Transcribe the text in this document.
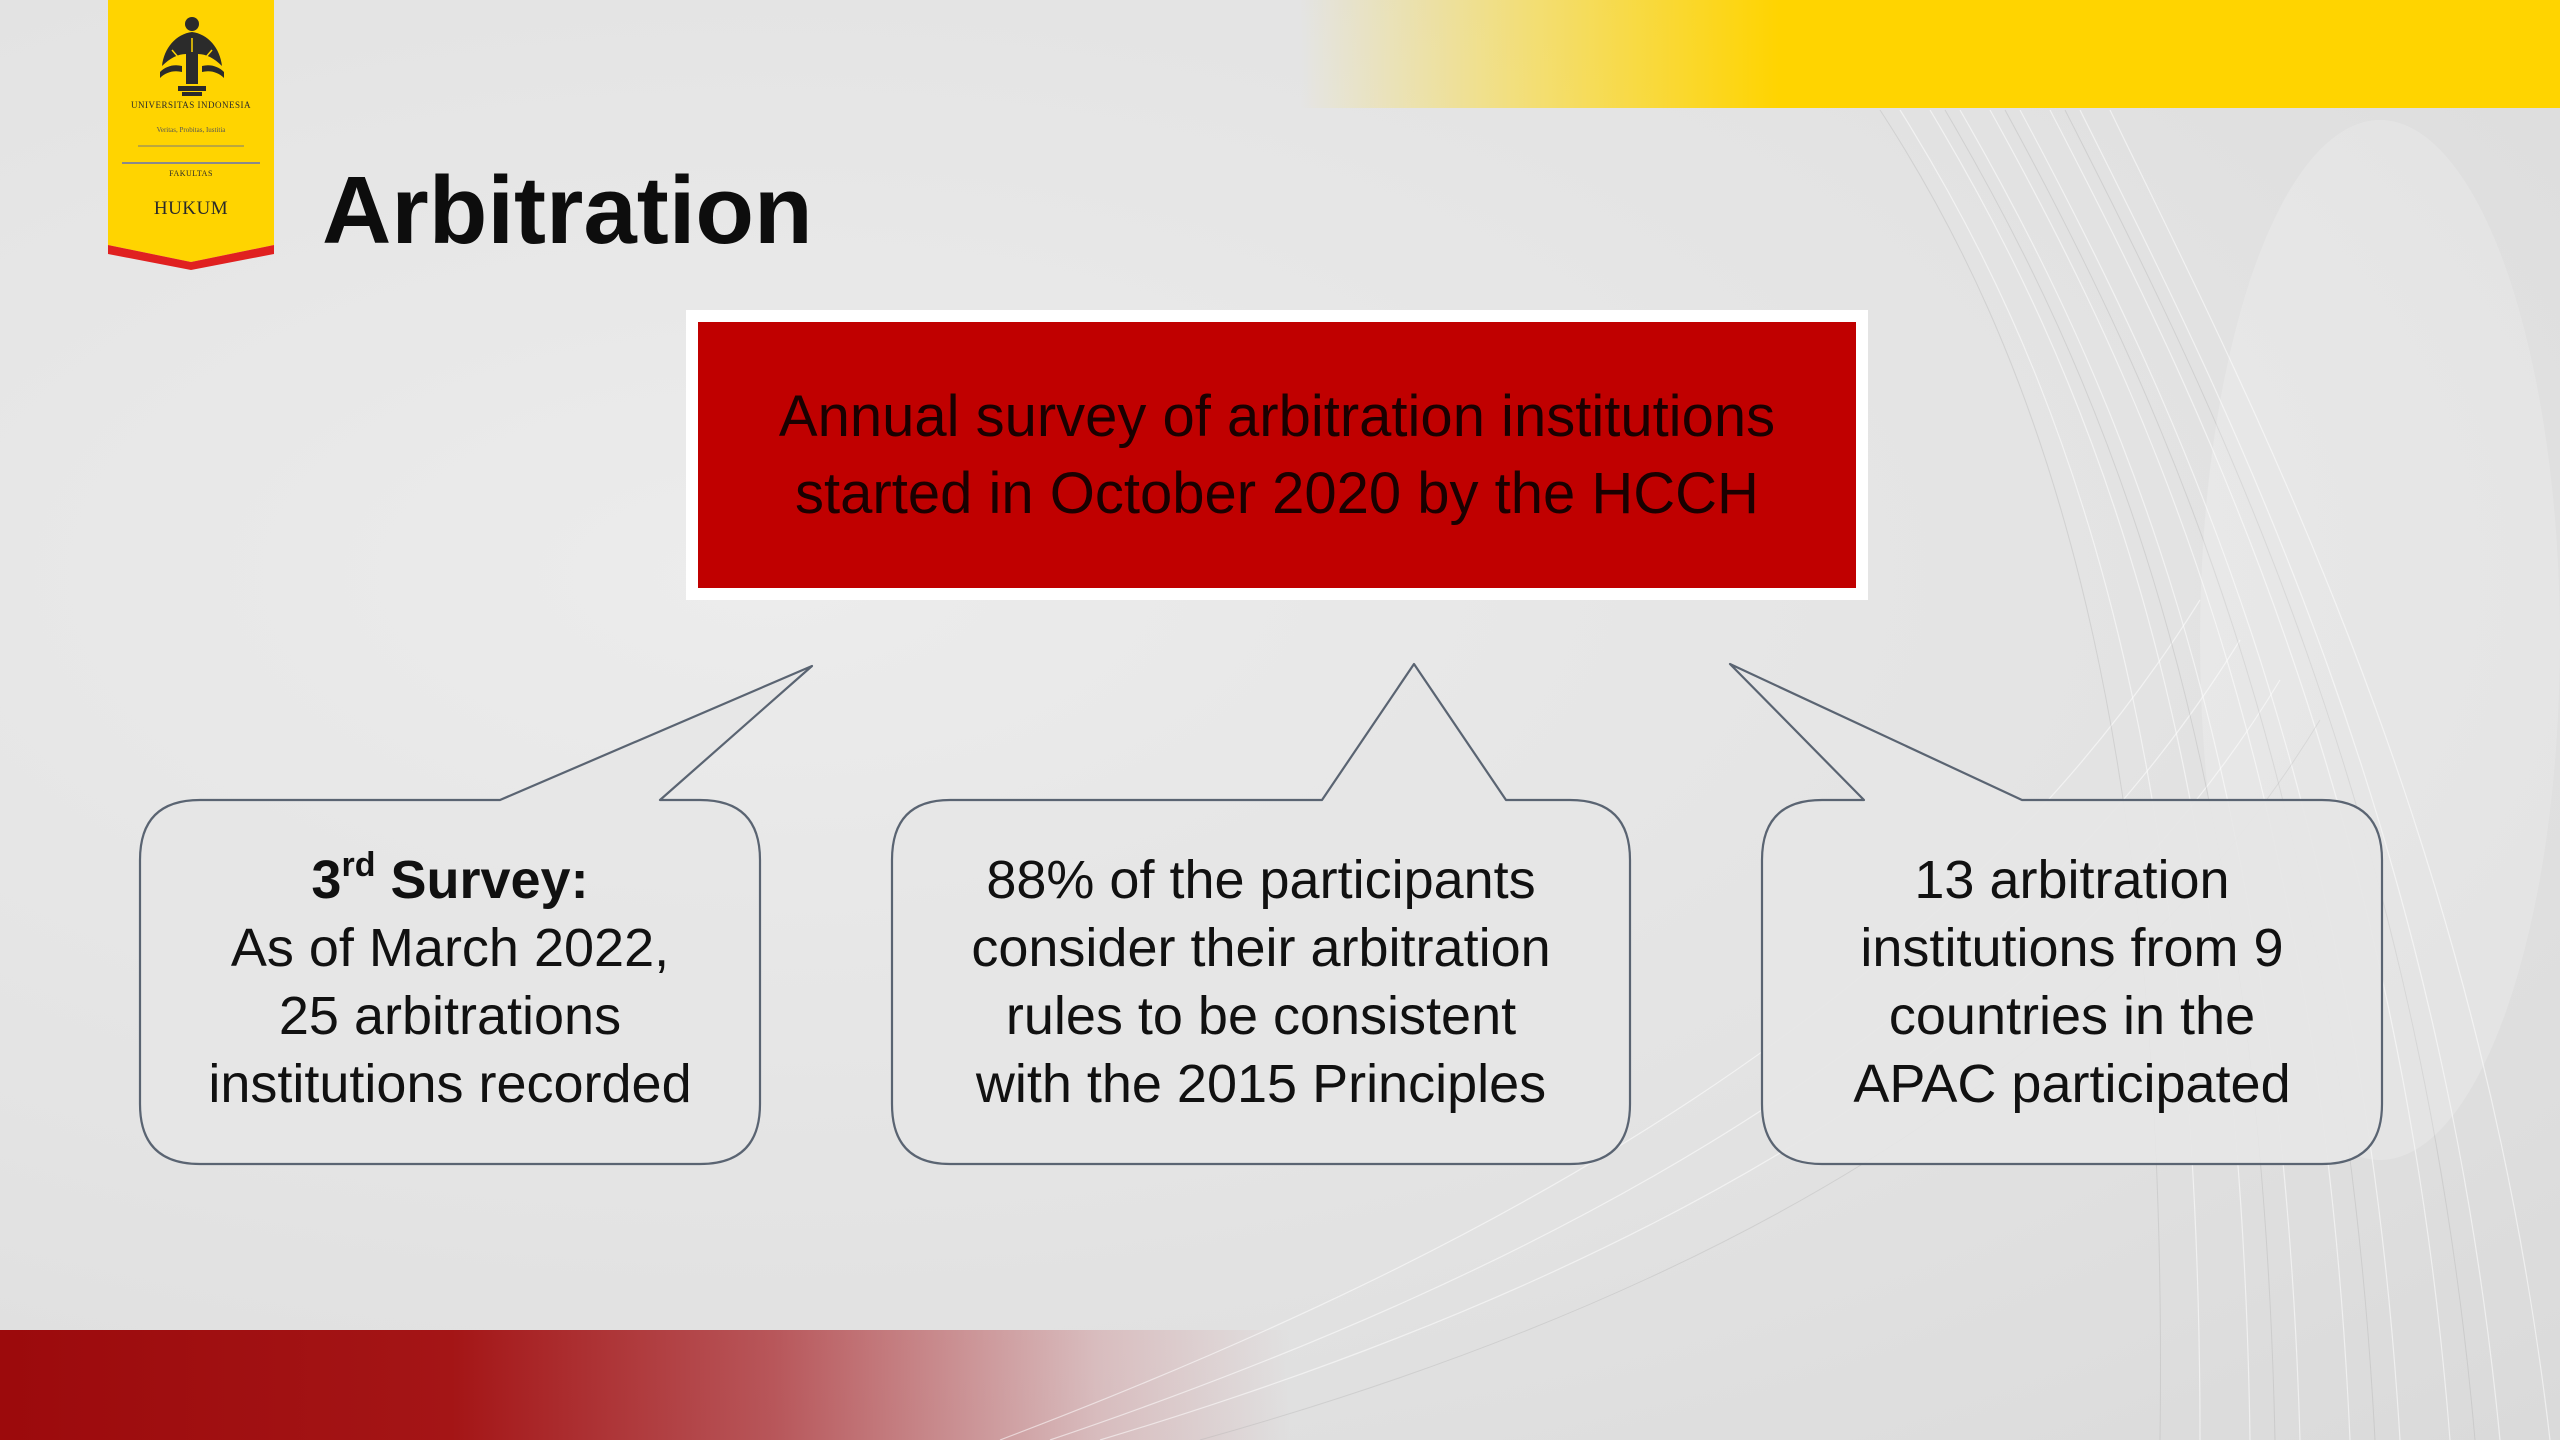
UNIVERSITAS INDONESIA
Veritas, Probitas, Iustitia
FAKULTAS
HUKUM Arbitration
Annual survey of arbitration institutions
started in October 2020 by the HCCH
3rd Survey:
As of March 2022,
25 arbitrations
institutions recorded
88% of the participants
consider their arbitration
rules to be consistent
with the 2015 Principles
13 arbitration
institutions from 9
countries in the
APAC participated
